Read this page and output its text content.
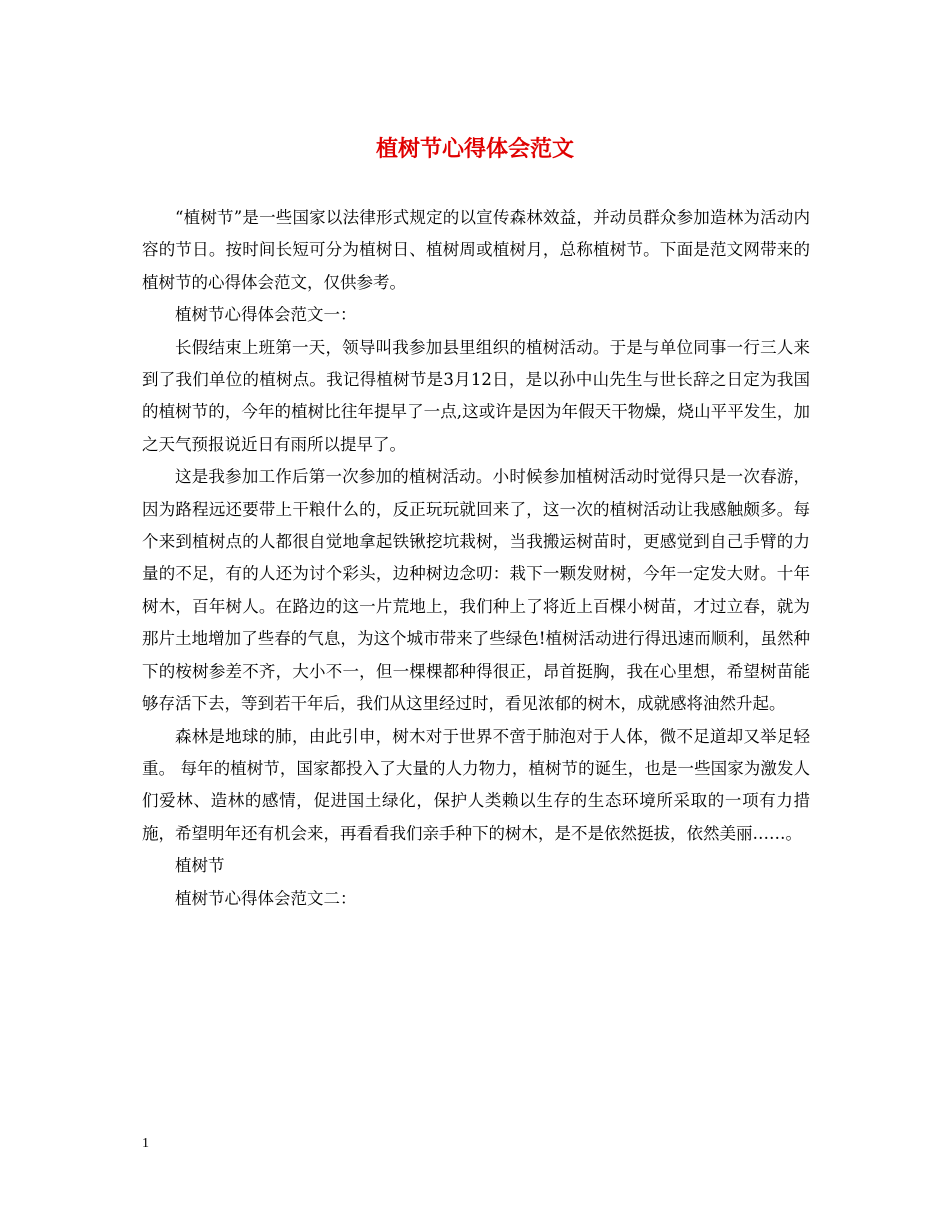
植树节心得体会范文

“植树节”是一些国家以法律形式规定的以宣传森林效益，并动员群众参加造林为活动内容的节日。按时间长短可分为植树日、植树周或植树月，总称植树节。下面是范文网带来的植树节的心得体会范文，仅供参考。

植树节心得体会范文一：

长假结束上班第一天，领导叫我参加县里组织的植树活动。于是与单位同事一行三人来到了我们单位的植树点。我记得植树节是3月12日，是以孙中山先生与世长辞之日定为我国的植树节的，今年的植树比往年提早了一点,这或许是因为年假天干物燥，烧山平平发生，加之天气预报说近日有雨所以提早了。

这是我参加工作后第一次参加的植树活动。小时候参加植树活动时觉得只是一次春游，因为路程远还要带上干粮什么的，反正玩玩就回来了，这一次的植树活动让我感触颇多。每个来到植树点的人都很自觉地拿起铁锹挖坑栽树，当我搬运树苗时，更感觉到自己手臂的力量的不足，有的人还为讨个彩头，边种树边念叨：栽下一颗发财树，今年一定发大财。十年树木，百年树人。在路边的这一片荒地上，我们种上了将近上百棵小树苗，才过立春，就为那片土地增加了些春的气息，为这个城市带来了些绿色!植树活动进行得迅速而顺利，虽然种下的桉树参差不齐，大小不一，但一棵棵都种得很正，昂首挺胸，我在心里想，希望树苗能够存活下去，等到若干年后，我们从这里经过时，看见浓郁的树木，成就感将油然升起。

森林是地球的肺，由此引申，树木对于世界不啻于肺泡对于人体，微不足道却又举足轻重。 每年的植树节，国家都投入了大量的人力物力，植树节的诞生，也是一些国家为激发人们爱林、造林的感情，促进国土绿化，保护人类赖以生存的生态环境所采取的一项有力措施，希望明年还有机会来，再看看我们亲手种下的树木，是不是依然挺拔，依然美丽……。

植树节

植树节心得体会范文二：

1
